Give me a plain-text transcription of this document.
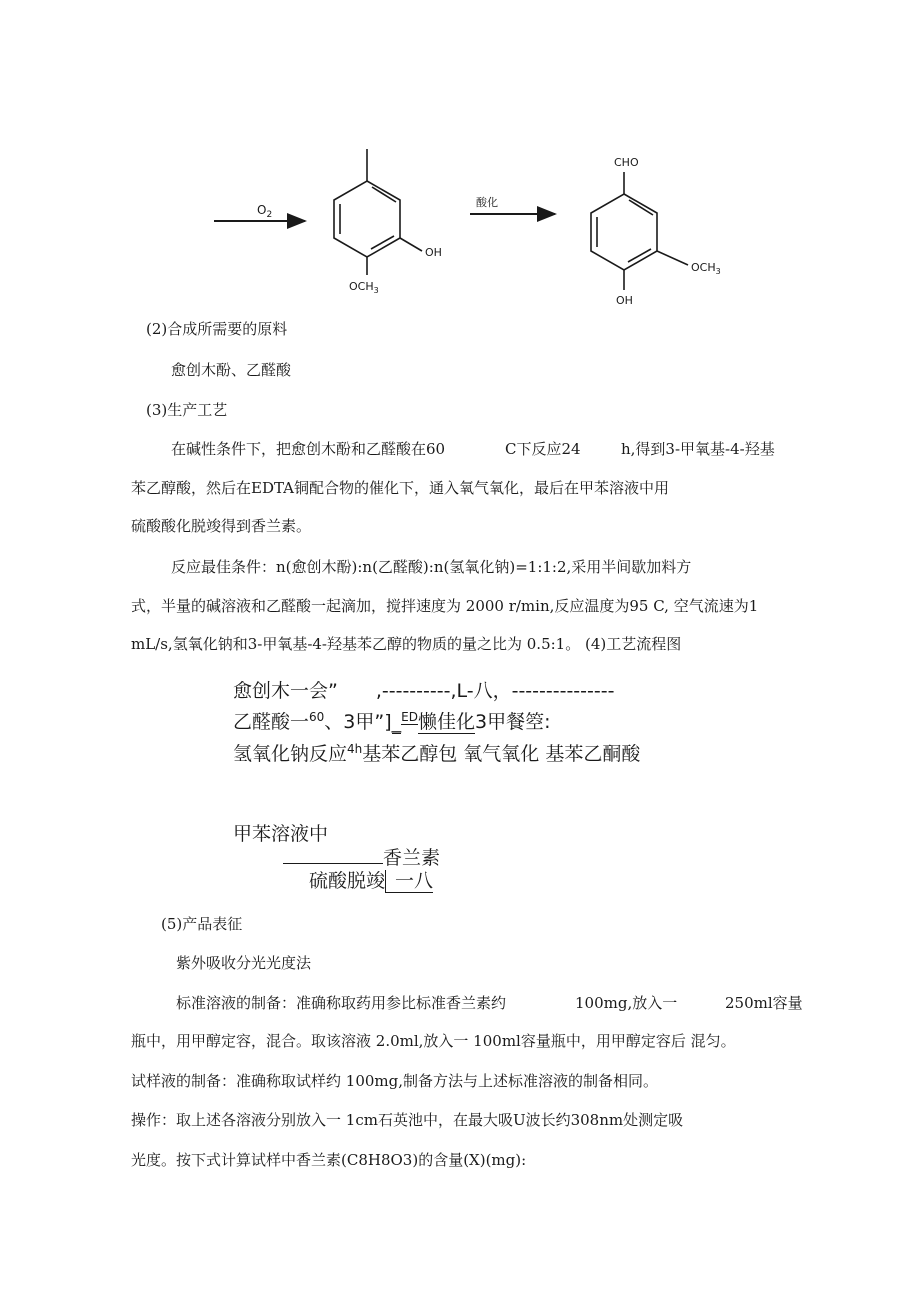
$O_2$
OH
$OCH_3$
酸化
CHO
$OCH_3$
OH
(2)合成所需要的原料
愈创木酚、乙醛酸
(3)生产工艺
在碱性条件下，把愈创木酚和乙醛酸在60	C下反应24	h,得到3-甲氧基-4-羟基
苯乙醇酸，然后在EDTA铜配合物的催化下，通入氧气氧化，最后在甲苯溶液中用
硫酸酸化脱竣得到香兰素。
反应最佳条件：n(愈创木酚):n(乙醛酸):n(氢氧化钠)=1:1:2,采用半间歇加料方
式，半量的碱溶液和乙醛酸一起滴加，搅拌速度为 2000 r/min,反应温度为95 C, 空气流速为1
mL/s,氢氧化钠和3-甲氧基-4-羟基苯乙醇的物质的量之比为 0.5:1。 (4)工艺流程图
愈创木一会”　　,----------,L-八，---------------
乙醛酸一$^{60}$、3甲”]_$^{ED}$懒佳化3甲餐箜:
氢氧化钠反应$^{4h}$基苯乙醇包 氧气氧化 基苯乙酮酸
甲苯溶液中
香兰素
硫酸脱竣 一八
(5)产品表征
紫外吸收分光光度法
标准溶液的制备：准确称取药用参比标准香兰素约	100mg,放入一	250ml容量
瓶中，用甲醇定容，混合。取该溶液 2.0ml,放入一 100ml容量瓶中，用甲醇定容后 混匀。
试样液的制备：准确称取试样约 100mg,制备方法与上述标准溶液的制备相同。
操作：取上述各溶液分别放入一 1cm石英池中，在最大吸U波长约308nm处测定吸
光度。按下式计算试样中香兰素(C8H8O3)的含量(X)(mg):
